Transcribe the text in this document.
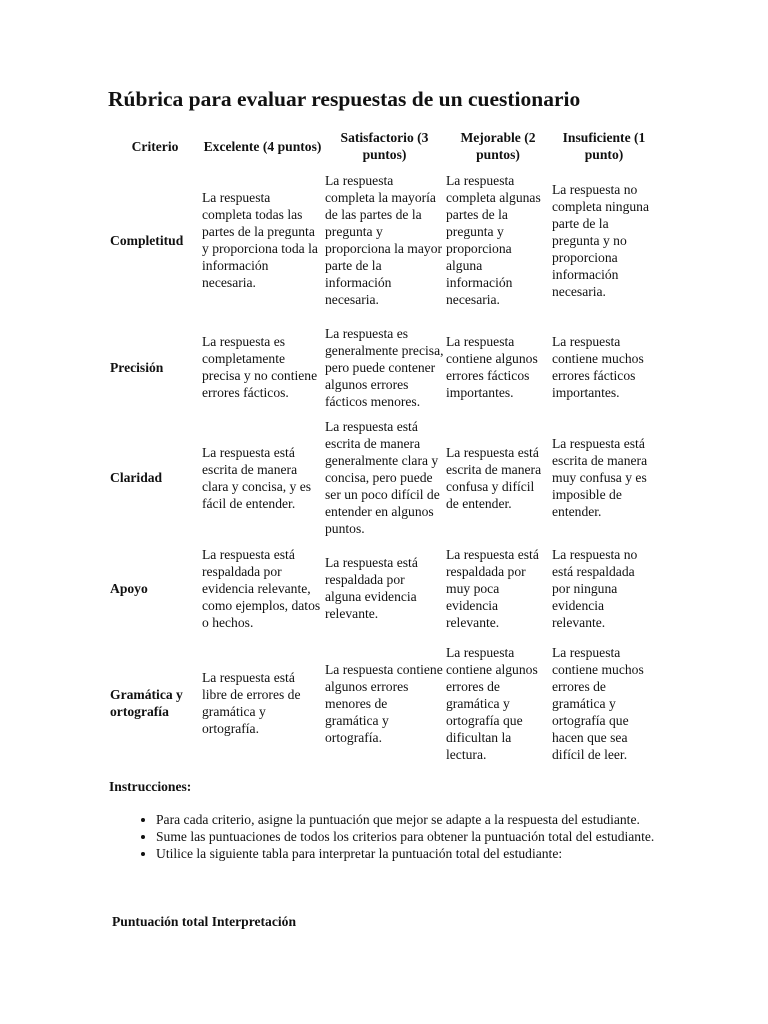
Rúbrica para evaluar respuestas de un cuestionario
Criterio	Excelente (4 puntos)	Satisfactorio (3 puntos)	Mejorable (2 puntos)	Insuficiente (1 punto)
Completitud	La respuesta completa todas las partes de la pregunta y proporciona toda la información necesaria.	La respuesta completa la mayoría de las partes de la pregunta y proporciona la mayor parte de la información necesaria.	La respuesta completa algunas partes de la pregunta y proporciona alguna información necesaria.	La respuesta no completa ninguna parte de la pregunta y no proporciona información necesaria.
Precisión	La respuesta es completamente precisa y no contiene errores fácticos.	La respuesta es generalmente precisa, pero puede contener algunos errores fácticos menores.	La respuesta contiene algunos errores fácticos importantes.	La respuesta contiene muchos errores fácticos importantes.
Claridad	La respuesta está escrita de manera clara y concisa, y es fácil de entender.	La respuesta está escrita de manera generalmente clara y concisa, pero puede ser un poco difícil de entender en algunos puntos.	La respuesta está escrita de manera confusa y difícil de entender.	La respuesta está escrita de manera muy confusa y es imposible de entender.
Apoyo	La respuesta está respaldada por evidencia relevante, como ejemplos, datos o hechos.	La respuesta está respaldada por alguna evidencia relevante.	La respuesta está respaldada por muy poca evidencia relevante.	La respuesta no está respaldada por ninguna evidencia relevante.
Gramática y ortografía	La respuesta está libre de errores de gramática y ortografía.	La respuesta contiene algunos errores menores de gramática y ortografía.	La respuesta contiene algunos errores de gramática y ortografía que dificultan la lectura.	La respuesta contiene muchos errores de gramática y ortografía que hacen que sea difícil de leer.

Instrucciones:

• Para cada criterio, asigne la puntuación que mejor se adapte a la respuesta del estudiante.
• Sume las puntuaciones de todos los criterios para obtener la puntuación total del estudiante.
• Utilice la siguiente tabla para interpretar la puntuación total del estudiante:

Puntuación total Interpretación
